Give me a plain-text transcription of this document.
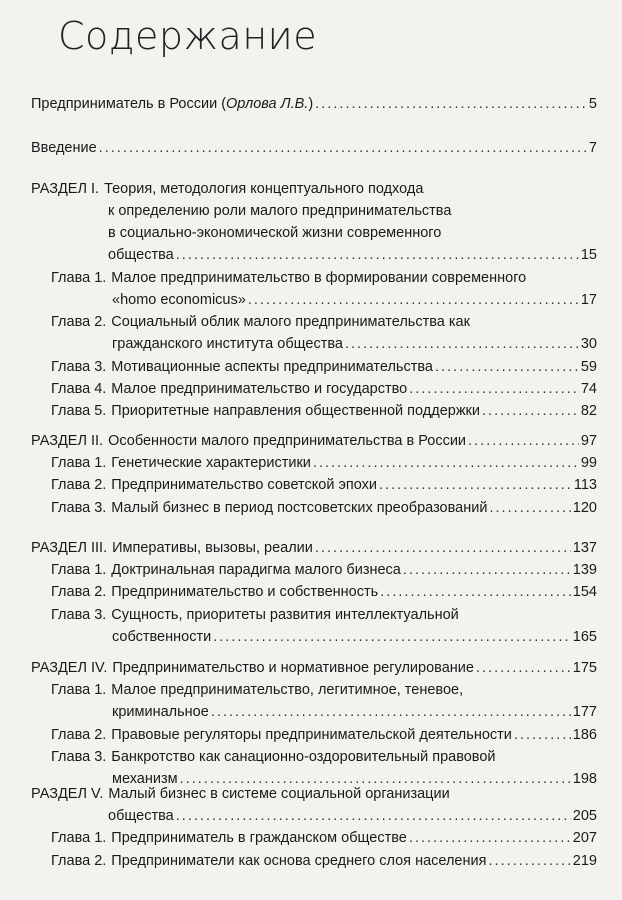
Содержание
Предприниматель в России (Орлова Л.В.) . . .	5
Введение . . .	7
РАЗДЕЛ I. Теория, методология концептуального подхода
к определению роли малого предпринимательства
в социально-экономической жизни современного
общества . . .	15
Глава 1. Малое предпринимательство в формировании современного
«homo economicus» . . .	17
Глава 2. Социальный облик малого предпринимательства как
гражданского института общества . . .	30
Глава 3. Мотивационные аспекты предпринимательства . . .	59
Глава 4. Малое предпринимательство и государство . . .	74
Глава 5. Приоритетные направления общественной поддержки . . .	82
РАЗДЕЛ II. Особенности малого предпринимательства в России . . .	97
Глава 1. Генетические характеристики . . .	99
Глава 2. Предпринимательство советской эпохи . . .	113
Глава 3. Малый бизнес в период постсоветских преобразований . . .	120
РАЗДЕЛ III. Императивы, вызовы, реалии . . .	137
Глава 1. Доктринальная парадигма малого бизнеса . . .	139
Глава 2. Предпринимательство и собственность . . .	154
Глава 3. Сущность, приоритеты развития интеллектуальной
собственности . . .	165
РАЗДЕЛ IV. Предпринимательство и нормативное регулирование . . .	175
Глава 1. Малое предпринимательство, легитимное, теневое,
криминальное . . .	177
Глава 2. Правовые регуляторы предпринимательской деятельности . . .	186
Глава 3. Банкротство как санационно-оздоровительный правовой
механизм . . .	198
РАЗДЕЛ V. Малый бизнес в системе социальной организации
общества . . .	205
Глава 1. Предприниматель в гражданском обществе . . .	207
Глава 2. Предприниматели как основа среднего слоя населения . . .	219
